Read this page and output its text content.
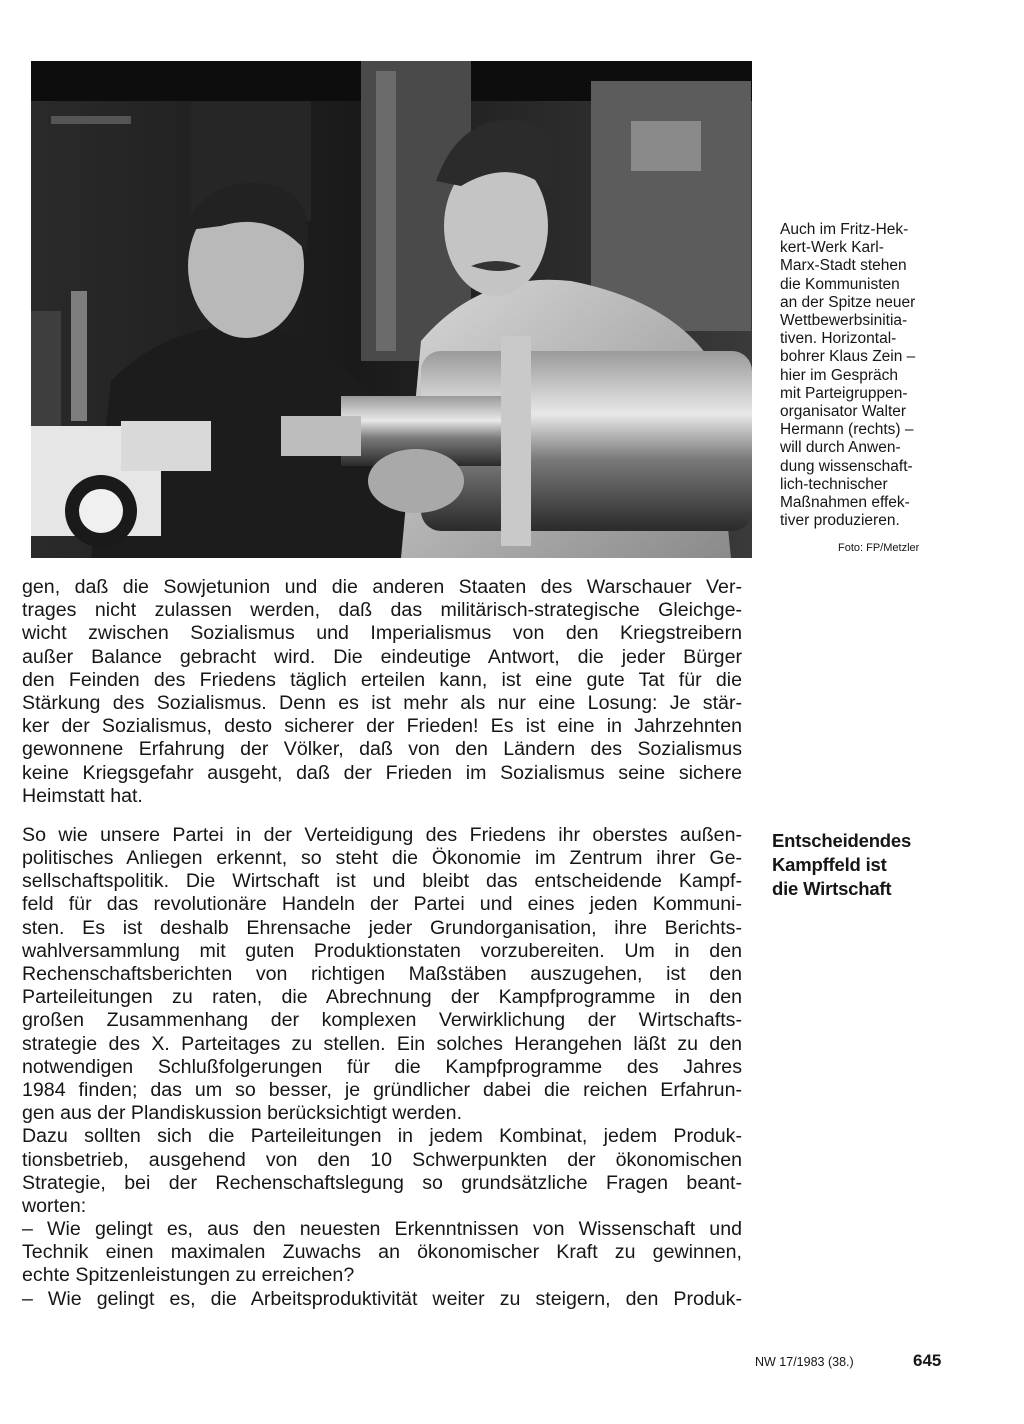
Auch im Fritz-Hek-
kert-Werk Karl-
Marx-Stadt stehen
die Kommunisten
an der Spitze neuer
Wettbewerbsinitia-
tiven. Horizontal-
bohrer Klaus Zein –
hier im Gespräch
mit Parteigruppen-
organisator Walter
Hermann (rechts) –
will durch Anwen-
dung wissenschaft-
lich-technischer
Maßnahmen effek-
tiver produzieren.
Foto: FP/Metzler
gen, daß die Sowjetunion und die anderen Staaten des Warschauer Ver-
trages nicht zulassen werden, daß das militärisch-strategische Gleichge-
wicht zwischen Sozialismus und Imperialismus von den Kriegstreibern
außer Balance gebracht wird. Die eindeutige Antwort, die jeder Bürger
den Feinden des Friedens täglich erteilen kann, ist eine gute Tat für die
Stärkung des Sozialismus. Denn es ist mehr als nur eine Losung: Je stär-
ker der Sozialismus, desto sicherer der Frieden! Es ist eine in Jahrzehnten
gewonnene Erfahrung der Völker, daß von den Ländern des Sozialismus
keine Kriegsgefahr ausgeht, daß der Frieden im Sozialismus seine sichere
Heimstatt hat.
So wie unsere Partei in der Verteidigung des Friedens ihr oberstes außen-
politisches Anliegen erkennt, so steht die Ökonomie im Zentrum ihrer Ge-
sellschaftspolitik. Die Wirtschaft ist und bleibt das entscheidende Kampf-
feld für das revolutionäre Handeln der Partei und eines jeden Kommuni-
sten. Es ist deshalb Ehrensache jeder Grundorganisation, ihre Berichts-
wahlversammlung mit guten Produktionstaten vorzubereiten. Um in den
Rechenschaftsberichten von richtigen Maßstäben auszugehen, ist den
Parteileitungen zu raten, die Abrechnung der Kampfprogramme in den
großen Zusammenhang der komplexen Verwirklichung der Wirtschafts-
strategie des X. Parteitages zu stellen. Ein solches Herangehen läßt zu den
notwendigen Schlußfolgerungen für die Kampfprogramme des Jahres
1984 finden; das um so besser, je gründlicher dabei die reichen Erfahrun-
gen aus der Plandiskussion berücksichtigt werden.
Dazu sollten sich die Parteileitungen in jedem Kombinat, jedem Produk-
tionsbetrieb, ausgehend von den 10 Schwerpunkten der ökonomischen
Strategie, bei der Rechenschaftslegung so grundsätzliche Fragen beant-
worten:
– Wie gelingt es, aus den neuesten Erkenntnissen von Wissenschaft und
Technik einen maximalen Zuwachs an ökonomischer Kraft zu gewinnen,
echte Spitzenleistungen zu erreichen?
– Wie gelingt es, die Arbeitsproduktivität weiter zu steigern, den Produk-
Entscheidendes
Kampffeld ist
die Wirtschaft
NW 17/1983 (38.)	645
